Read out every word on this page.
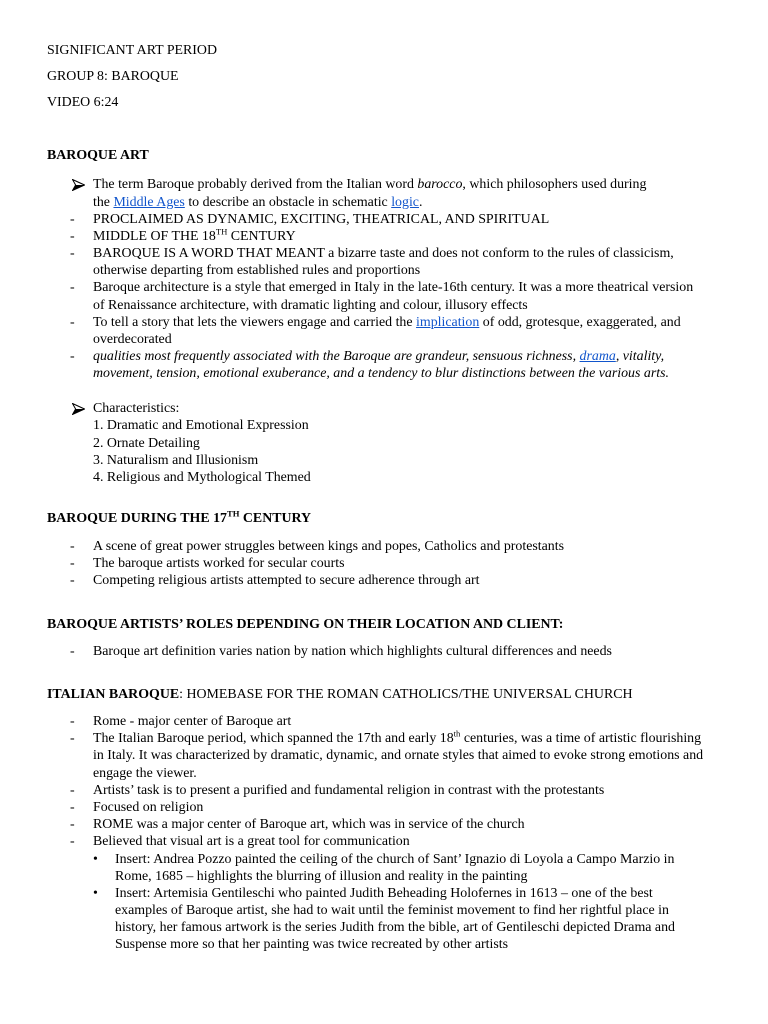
SIGNIFICANT ART PERIOD
GROUP 8: BAROQUE
VIDEO 6:24
BAROQUE ART
The term Baroque probably derived from the Italian word barocco, which philosophers used during
the Middle Ages to describe an obstacle in schematic logic.
- PROCLAIMED AS DYNAMIC, EXCITING, THEATRICAL, AND SPIRITUAL
- MIDDLE OF THE 18TH CENTURY
- BAROQUE IS A WORD THAT MEANT a bizarre taste and does not conform to the rules of classicism,
otherwise departing from established rules and proportions
- Baroque architecture is a style that emerged in Italy in the late-16th century. It was a more theatrical version
of Renaissance architecture, with dramatic lighting and colour, illusory effects
- To tell a story that lets the viewers engage and carried the implication of odd, grotesque, exaggerated, and
overdecorated
- qualities most frequently associated with the Baroque are grandeur, sensuous richness, drama, vitality,
movement, tension, emotional exuberance, and a tendency to blur distinctions between the various arts.
Characteristics:
1. Dramatic and Emotional Expression
2. Ornate Detailing
3. Naturalism and Illusionism
4. Religious and Mythological Themed
BAROQUE DURING THE 17TH CENTURY
- A scene of great power struggles between kings and popes, Catholics and protestants
- The baroque artists worked for secular courts
- Competing religious artists attempted to secure adherence through art
BAROQUE ARTISTS’ ROLES DEPENDING ON THEIR LOCATION AND CLIENT:
- Baroque art definition varies nation by nation which highlights cultural differences and needs
ITALIAN BAROQUE: HOMEBASE FOR THE ROMAN CATHOLICS/THE UNIVERSAL CHURCH
- Rome - major center of Baroque art
- The Italian Baroque period, which spanned the 17th and early 18th centuries, was a time of artistic flourishing
in Italy. It was characterized by dramatic, dynamic, and ornate styles that aimed to evoke strong emotions and
engage the viewer.
- Artists’ task is to present a purified and fundamental religion in contrast with the protestants
- Focused on religion
- ROME was a major center of Baroque art, which was in service of the church
- Believed that visual art is a great tool for communication
• Insert: Andrea Pozzo painted the ceiling of the church of Sant’ Ignazio di Loyola a Campo Marzio in
Rome, 1685 – highlights the blurring of illusion and reality in the painting
• Insert: Artemisia Gentileschi who painted Judith Beheading Holofernes in 1613 – one of the best
examples of Baroque artist, she had to wait until the feminist movement to find her rightful place in
history, her famous artwork is the series Judith from the bible, art of Gentileschi depicted Drama and
Suspense more so that her painting was twice recreated by other artists
